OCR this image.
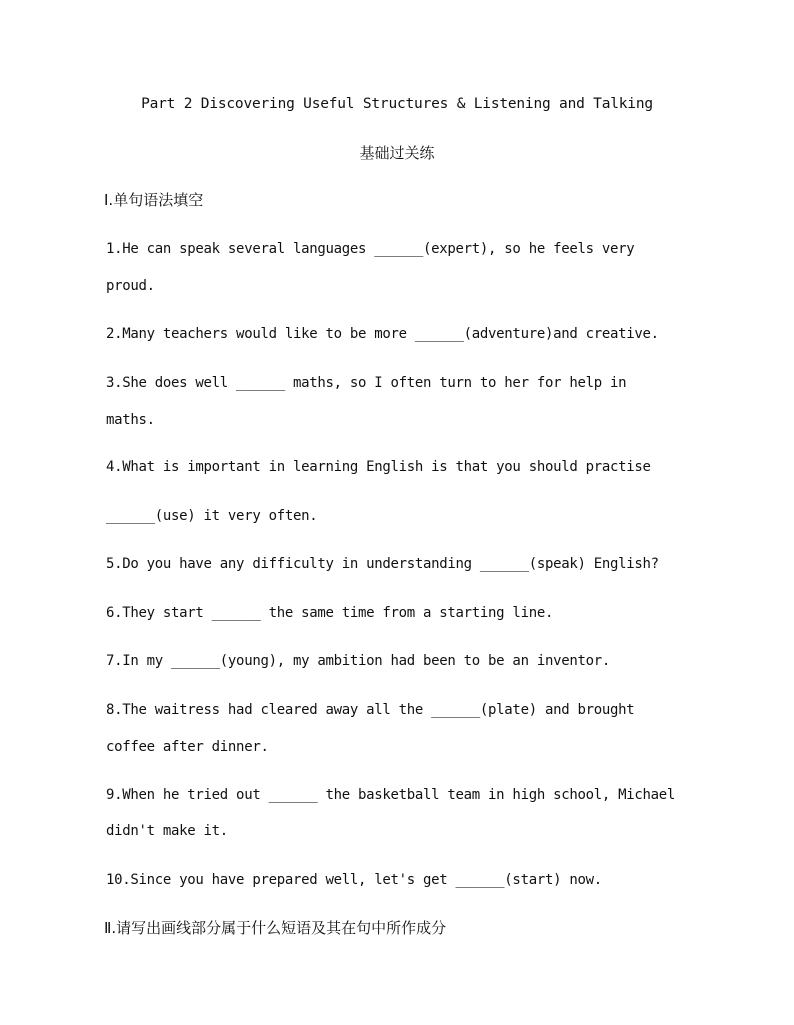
Part 2 Discovering Useful Structures & Listening and Talking
基础过关练
Ⅰ.单句语法填空
1.He can speak several languages ______(expert), so he feels very
proud.
2.Many teachers would like to be more ______(adventure)and creative.
3.She does well ______ maths, so I often turn to her for help in
maths.
4.What is important in learning English is that you should practise
______(use) it very often.
5.Do you have any difficulty in understanding ______(speak) English?
6.They start ______ the same time from a starting line.
7.In my ______(young), my ambition had been to be an inventor.
8.The waitress had cleared away all the ______(plate) and brought
coffee after dinner.
9.When he tried out ______ the basketball team in high school, Michael
didn't make it.
10.Since you have prepared well, let's get ______(start) now.
Ⅱ.请写出画线部分属于什么短语及其在句中所作成分
